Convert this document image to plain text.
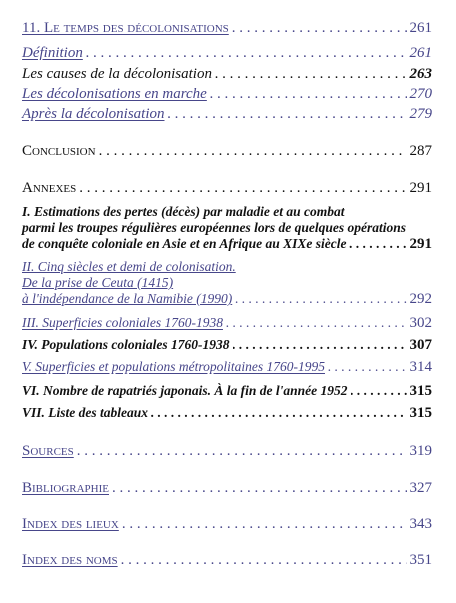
11. Le temps des décolonisations . . .	261
Définition . . .	261
Les causes de la décolonisation . . .	263
Les décolonisations en marche . . .	270
Après la décolonisation . . .	279
Conclusion . . .	287
Annexes . . .	291
I. Estimations des pertes (décès) par maladie et au combat
parmi les troupes régulières européennes lors de quelques opérations
de conquête coloniale en Asie et en Afrique au XIXe siècle . . .	291
II. Cinq siècles et demi de colonisation.
De la prise de Ceuta (1415)
à l'indépendance de la Namibie (1990) . . .	292
III. Superficies coloniales 1760-1938 . . .	302
IV. Populations coloniales 1760-1938 . . .	307
V. Superficies et populations métropolitaines 1760-1995 . . .	314
VI. Nombre de rapatriés japonais. À la fin de l'année 1952 . . .	315
VII. Liste des tableaux . . .	315
Sources . . .	319
Bibliographie . . .	327
Index des lieux . . .	343
Index des noms . . .	351
